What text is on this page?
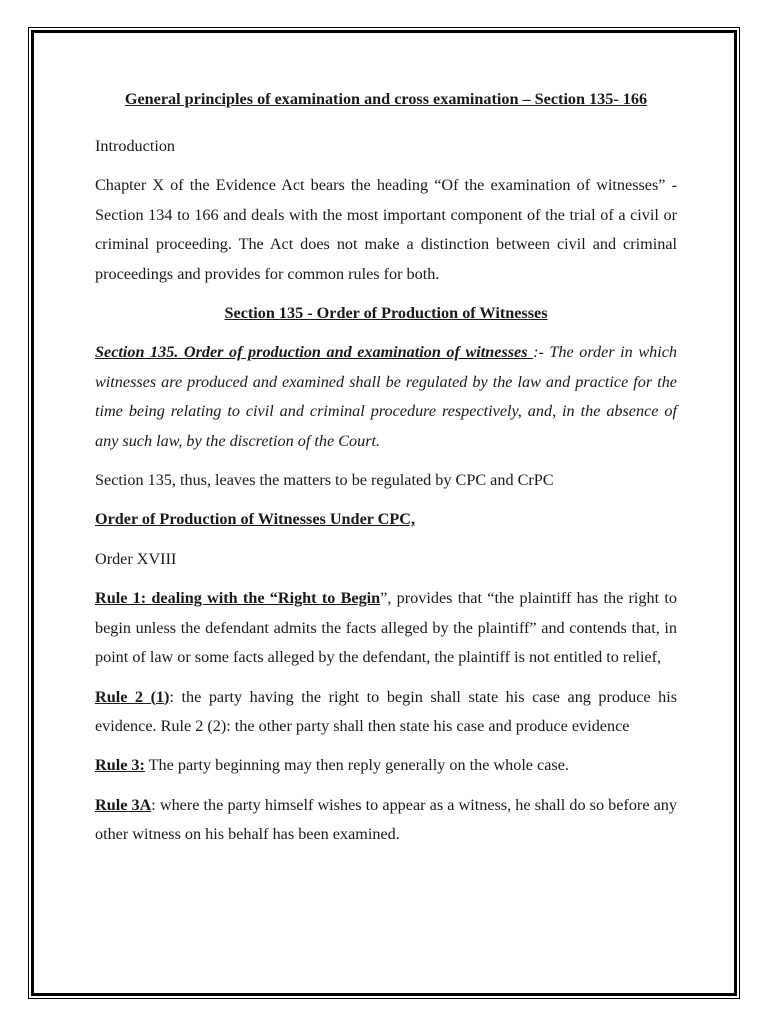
General principles of examination and cross examination – Section 135- 166

Introduction

Chapter X of the Evidence Act bears the heading “Of the examination of witnesses” - Section 134 to 166 and deals with the most important component of the trial of a civil or criminal proceeding. The Act does not make a distinction between civil and criminal proceedings and provides for common rules for both.

Section 135 - Order of Production of Witnesses

Section 135. Order of production and examination of witnesses :- The order in which witnesses are produced and examined shall be regulated by the law and practice for the time being relating to civil and criminal procedure respectively, and, in the absence of any such law, by the discretion of the Court.

Section 135, thus, leaves the matters to be regulated by CPC and CrPC

Order of Production of Witnesses Under CPC,

Order XVIII

Rule 1: dealing with the “Right to Begin”, provides that “the plaintiff has the right to begin unless the defendant admits the facts alleged by the plaintiff” and contends that, in point of law or some facts alleged by the defendant, the plaintiff is not entitled to relief,

Rule 2 (1): the party having the right to begin shall state his case ang produce his evidence. Rule 2 (2): the other party shall then state his case and produce evidence

Rule 3: The party beginning may then reply generally on the whole case.

Rule 3A: where the party himself wishes to appear as a witness, he shall do so before any other witness on his behalf has been examined.
